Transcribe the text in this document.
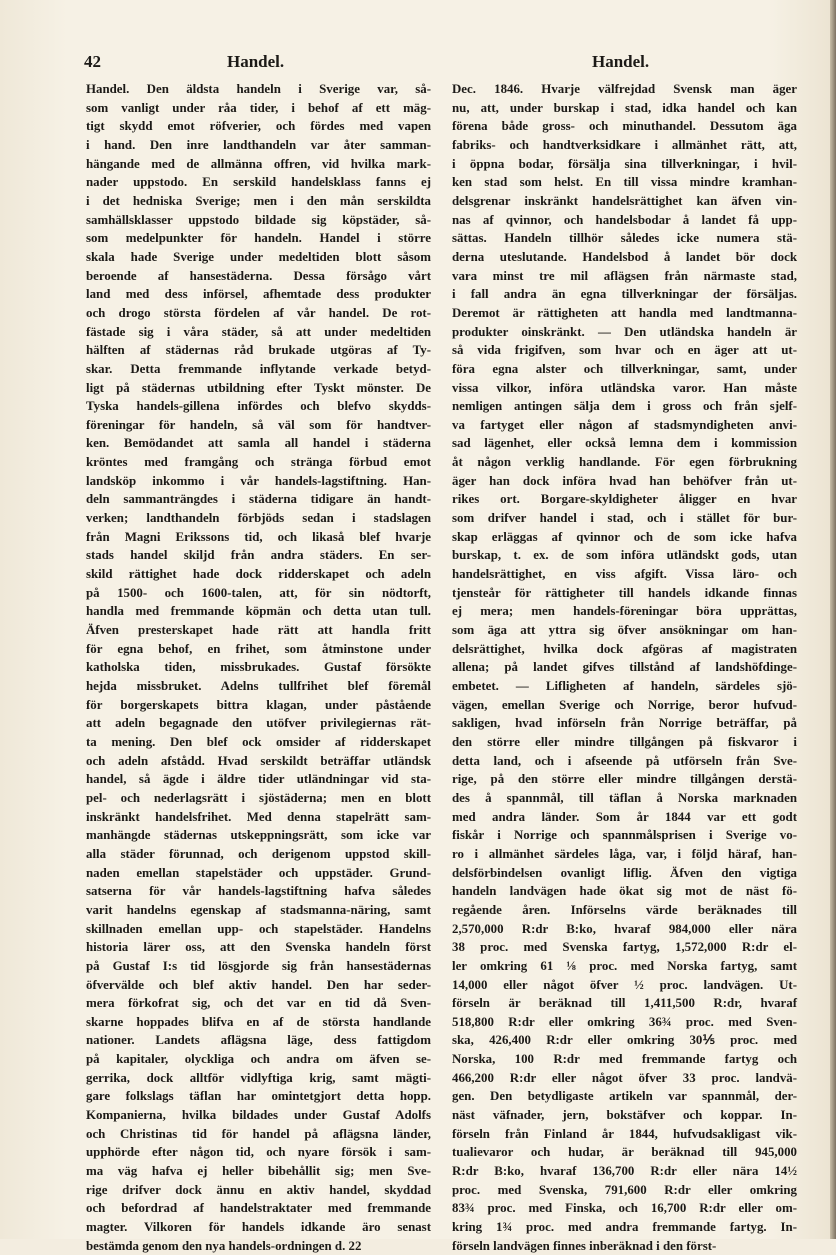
42	Handel.	Handel.
Handel. Den äldsta handeln i Sverige var, så-
som vanligt under råa tider, i behof af ett mäg-
tigt skydd emot röfverier, och fördes med vapen
i hand. Den inre landthandeln var åter samman-
hängande med de allmänna offren, vid hvilka mark-
nader uppstodo. En serskild handelsklass fanns ej
i det hedniska Sverige; men i den mån serskildta
samhällsklasser uppstodo bildade sig köpstäder, så-
som medelpunkter för handeln. Handel i större
skala hade Sverige under medeltiden blott såsom
beroende af hansestäderna. Dessa försågo vårt
land med dess införsel, afhemtade dess produkter
och drogo största fördelen af vår handel. De rot-
fästade sig i våra städer, så att under medeltiden
hälften af städernas råd brukade utgöras af Ty-
skar. Detta fremmande inflytande verkade betyd-
ligt på städernas utbildning efter Tyskt mönster. De
Tyska handels-gillena infördes och blefvo skydds-
föreningar för handeln, så väl som för handtver-
ken. Bemödandet att samla all handel i städerna
kröntes med framgång och stränga förbud emot
landsköp inkommo i vår handels-lagstiftning. Han-
deln sammanträngdes i städerna tidigare än handt-
verken; landthandeln förbjöds sedan i stadslagen
från Magni Erikssons tid, och likaså blef hvarje
stads handel skiljd från andra städers. En ser-
skild rättighet hade dock ridderskapet och adeln
på 1500- och 1600-talen, att, för sin nödtorft,
handla med fremmande köpmän och detta utan tull.
Äfven presterskapet hade rätt att handla fritt
för egna behof, en frihet, som åtminstone under
katholska tiden, missbrukades. Gustaf försökte
hejda missbruket. Adelns tullfrihet blef föremål
för borgerskapets bittra klagan, under påstående
att adeln begagnade den utöfver privilegiernas rät-
ta mening. Den blef ock omsider af ridderskapet
och adeln afstådd. Hvad serskildt beträffar utländsk
handel, så ägde i äldre tider utländningar vid sta-
pel- och nederlagsrätt i sjöstäderna; men en blott
inskränkt handelsfrihet. Med denna stapelrätt sam-
manhängde städernas utskeppningsrätt, som icke var
alla städer förunnad, och derigenom uppstod skill-
naden emellan stapelstäder och uppstäder. Grund-
satserna för vår handels-lagstiftning hafva således
varit handelns egenskap af stadsmanna-näring, samt
skillnaden emellan upp- och stapelstäder. Handelns
historia lärer oss, att den Svenska handeln först
på Gustaf I:s tid lösgjorde sig från hansestädernas
öfvervälde och blef aktiv handel. Den har seder-
mera förkofrat sig, och det var en tid då Sven-
skarne hoppades blifva en af de största handlande
nationer. Landets aflägsna läge, dess fattigdom
på kapitaler, olyckliga och andra om äfven se-
gerrika, dock alltför vidlyftiga krig, samt mägti-
gare folkslags täflan har omintetgjort detta hopp.
Kompanierna, hvilka bildades under Gustaf Adolfs
och Christinas tid för handel på aflägsna länder,
upphörde efter någon tid, och nyare försök i sam-
ma väg hafva ej heller bibehållit sig; men Sve-
rige drifver dock ännu en aktiv handel, skyddad
och befordrad af handelstraktater med fremmande
magter. Vilkoren för handels idkande äro senast
bestämda genom den nya handels-ordningen d. 22
Dec. 1846. Hvarje välfrejdad Svensk man äger
nu, att, under burskap i stad, idka handel och kan
förena både gross- och minuthandel. Dessutom äga
fabriks- och handtverksidkare i allmänhet rätt, att,
i öppna bodar, försälja sina tillverkningar, i hvil-
ken stad som helst. En till vissa mindre kramhan-
delsgrenar inskränkt handelsrättighet kan äfven vin-
nas af qvinnor, och handelsbodar å landet få upp-
sättas. Handeln tillhör således icke numera stä-
derna uteslutande. Handelsbod å landet bör dock
vara minst tre mil aflägsen från närmaste stad,
i fall andra än egna tillverkningar der försäljas.
Deremot är rättigheten att handla med landtmanna-
produkter oinskränkt. — Den utländska handeln är
så vida frigifven, som hvar och en äger att ut-
föra egna alster och tillverkningar, samt, under
vissa vilkor, införa utländska varor. Han måste
nemligen antingen sälja dem i gross och från sjelf-
va fartyget eller någon af stadsmyndigheten anvi-
sad lägenhet, eller också lemna dem i kommission
åt någon verklig handlande. För egen förbrukning
äger han dock införa hvad han behöfver från ut-
rikes ort. Borgare-skyldigheter åligger en hvar
som drifver handel i stad, och i stället för bur-
skap erläggas af qvinnor och de som icke hafva
burskap, t. ex. de som införa utländskt gods, utan
handelsrättighet, en viss afgift. Vissa läro- och
tjensteår för rättigheter till handels idkande finnas
ej mera; men handels-föreningar böra upprättas,
som äga att yttra sig öfver ansökningar om han-
delsrättighet, hvilka dock afgöras af magistraten
allena; på landet gifves tillstånd af landshöfdinge-
embetet. — Lifligheten af handeln, särdeles sjö-
vägen, emellan Sverige och Norrige, beror hufvud-
sakligen, hvad införseln från Norrige beträffar, på
den större eller mindre tillgången på fiskvaror i
detta land, och i afseende på utförseln från Sve-
rige, på den större eller mindre tillgången derstä-
des å spannmål, till täflan å Norska marknaden
med andra länder. Som år 1844 var ett godt
fiskår i Norrige och spannmålsprisen i Sverige vo-
ro i allmänhet särdeles låga, var, i följd häraf, han-
delsförbindelsen ovanligt liflig. Äfven den vigtiga
handeln landvägen hade ökat sig mot de näst fö-
regående åren. Införselns värde beräknades till
2,570,000 R:dr B:ko, hvaraf 984,000 eller nära
38 proc. med Svenska fartyg, 1,572,000 R:dr el-
ler omkring 61 ⅛ proc. med Norska fartyg, samt
14,000 eller något öfver ½ proc. landvägen. Ut-
förseln är beräknad till 1,411,500 R:dr, hvaraf
518,800 R:dr eller omkring 36¾ proc. med Sven-
ska, 426,400 R:dr eller omkring 30⅕ proc. med
Norska, 100 R:dr med fremmande fartyg och
466,200 R:dr eller något öfver 33 proc. landvä-
gen. Den betydligaste artikeln var spannmål, der-
näst väfnader, jern, bokstäfver och koppar. In-
förseln från Finland år 1844, hufvudsakligast vik-
tualievaror och hudar, är beräknad till 945,000
R:dr B:ko, hvaraf 136,700 R:dr eller nära 14½
proc. med Svenska, 791,600 R:dr eller omkring
83¾ proc. med Finska, och 16,700 R:dr eller om-
kring 1¾ proc. med andra fremmande fartyg. In-
förseln landvägen finnes inberäknad i den först-
